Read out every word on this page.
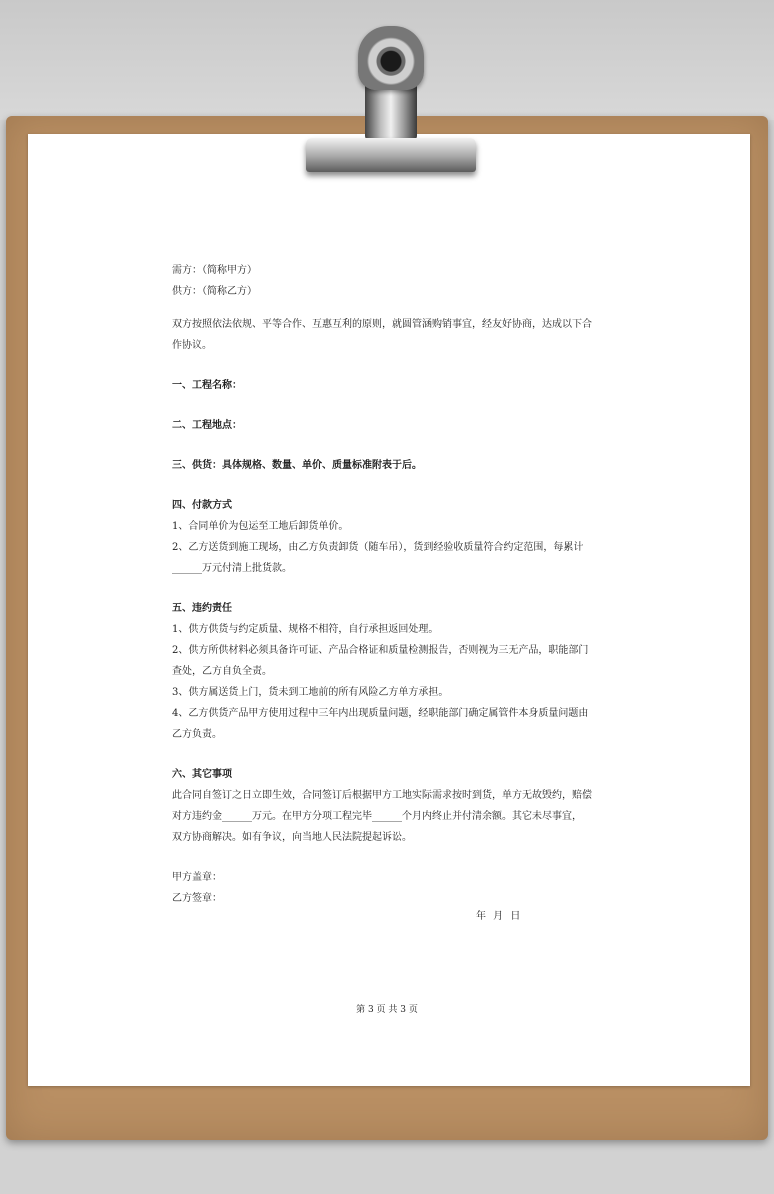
需方：（简称甲方）

供方：（简称乙方）

双方按照依法依规、平等合作、互惠互利的原则，就圆管涵购销事宜，经友好协商，达成以下合

作协议。

一、工程名称：

二、工程地点：

三、供货：具体规格、数量、单价、质量标准附表于后。

四、付款方式

1、合同单价为包运至工地后卸货单价。

2、乙方送货到施工现场，由乙方负责卸货（随车吊），货到经验收质量符合约定范围，每累计

______万元付清上批货款。

五、违约责任

1、供方供货与约定质量、规格不相符，自行承担返回处理。

2、供方所供材料必须具备许可证、产品合格证和质量检测报告，否则视为三无产品，职能部门

查处，乙方自负全责。

3、供方属送货上门，货未到工地前的所有风险乙方单方承担。

4、乙方供货产品甲方使用过程中三年内出现质量问题，经职能部门确定属管件本身质量问题由

乙方负责。

六、其它事项

此合同自签订之日立即生效，合同签订后根据甲方工地实际需求按时到货，单方无故毁约，赔偿

对方违约金______万元。在甲方分项工程完毕______个月内终止并付清余额。其它未尽事宜，

双方协商解决。如有争议，向当地人民法院提起诉讼。

甲方盖章：

乙方签章：

年 月 日
第 3 页 共 3 页
